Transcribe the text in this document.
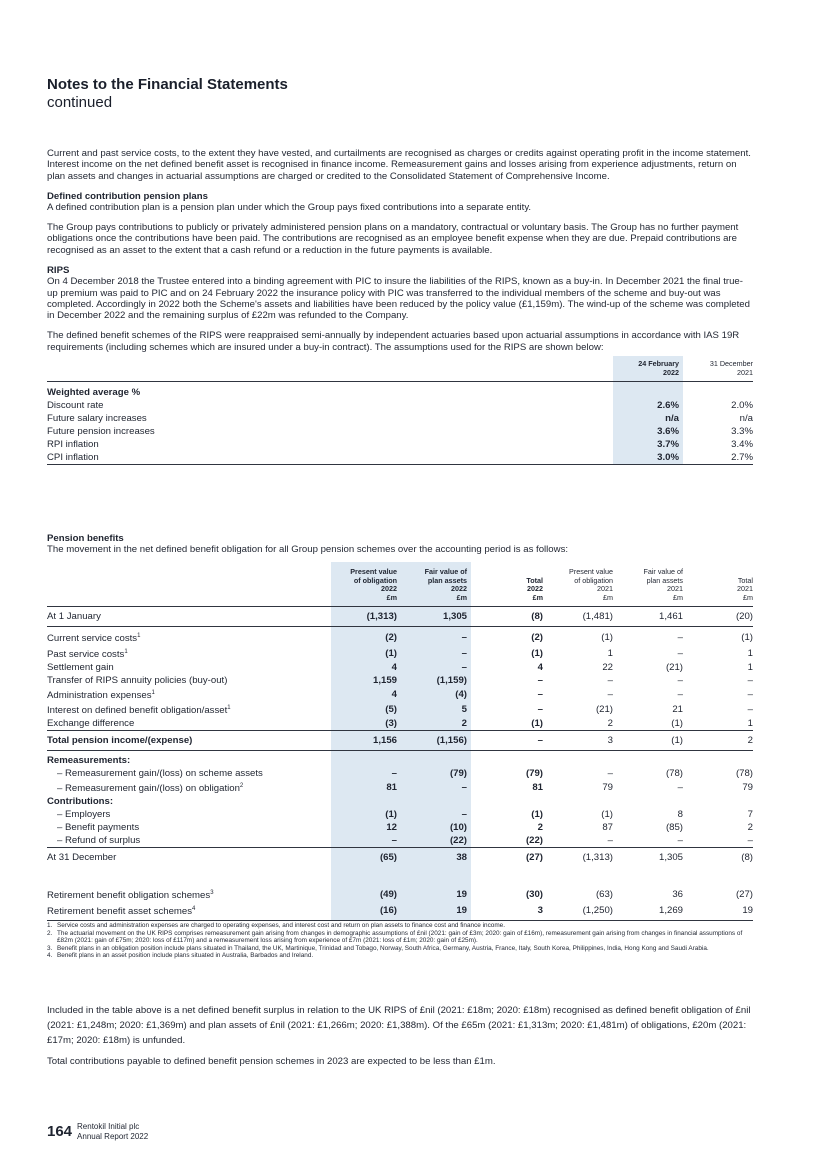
Notes to the Financial Statements
continued

Current and past service costs, to the extent they have vested, and curtailments are recognised as charges or credits against operating profit in the income statement. Interest income on the net defined benefit asset is recognised in finance income. Remeasurement gains and losses arising from experience adjustments, return on plan assets and changes in actuarial assumptions are charged or credited to the Consolidated Statement of Comprehensive Income.

Defined contribution pension plans

A defined contribution plan is a pension plan under which the Group pays fixed contributions into a separate entity.

The Group pays contributions to publicly or privately administered pension plans on a mandatory, contractual or voluntary basis. The Group has no further payment obligations once the contributions have been paid. The contributions are recognised as an employee benefit expense when they are due. Prepaid contributions are recognised as an asset to the extent that a cash refund or a reduction in the future payments is available.

RIPS

On 4 December 2018 the Trustee entered into a binding agreement with PIC to insure the liabilities of the RIPS, known as a buy-in. In December 2021 the final true-up premium was paid to PIC and on 24 February 2022 the insurance policy with PIC was transferred to the individual members of the scheme and buy-out was completed. Accordingly in 2022 both the Scheme's assets and liabilities have been reduced by the policy value (£1,159m). The wind-up of the scheme was completed in December 2022 and the remaining surplus of £22m was refunded to the Company.

The defined benefit schemes of the RIPS were reappraised semi-annually by independent actuaries based upon actuarial assumptions in accordance with IAS 19R requirements (including schemes which are insured under a buy-in contract). The assumptions used for the RIPS are shown below:

	24 February
2022	31 December
2021
Weighted average %		
Discount rate	2.6%	2.0%
Future salary increases	n/a	n/a
Future pension increases	3.6%	3.3%
RPI inflation	3.7%	3.4%
CPI inflation	3.0%	2.7%
Pension benefits
The movement in the net defined benefit obligation for all Group pension schemes over the accounting period is as follows:
	Present value
of obligation
2022
£m	Fair value of
plan assets
2022
£m	Total
2022
£m	Present value
of obligation
2021
£m	Fair value of
plan assets
2021
£m	Total
2021
£m
At 1 January	(1,313)	1,305	(8)	(1,481)	1,461	(20)
Current service costs$^1$	(2)	–	(2)	(1)	–	(1)
Past service costs$^1$	(1)	–	(1)	1	–	1
Settlement gain	4	–	4	22	(21)	1
Transfer of RIPS annuity policies (buy-out)	1,159	(1,159)	–	–	–	–
Administration expenses$^1$	4	(4)	–	–	–	–
Interest on defined benefit obligation/asset$^1$	(5)	5	–	(21)	21	–
Exchange difference	(3)	2	(1)	2	(1)	1
Total pension income/(expense)	1,156	(1,156)	–	3	(1)	2
Remeasurements:						
– Remeasurement gain/(loss) on scheme assets	–	(79)	(79)	–	(78)	(78)
– Remeasurement gain/(loss) on obligation$^2$	81	–	81	79	–	79
Contributions:						
– Employers	(1)	–	(1)	(1)	8	7
– Benefit payments	12	(10)	2	87	(85)	2
– Refund of surplus	–	(22)	(22)	–	–	–
At 31 December	(65)	38	(27)	(1,313)	1,305	(8)
Retirement benefit obligation schemes$^3$	(49)	19	(30)	(63)	36	(27)
Retirement benefit asset schemes$^4$	(16)	19	3	(1,250)	1,269	19
1. Service costs and administration expenses are charged to operating expenses, and interest cost and return on plan assets to finance cost and finance income.
2. The actuarial movement on the UK RIPS comprises remeasurement gain arising from changes in demographic assumptions of £nil (2021: gain of £3m; 2020: gain of £16m), remeasurement gain arising from changes in financial assumptions of £82m (2021: gain of £75m; 2020: loss of £117m) and a remeasurement loss arising from experience of £7m (2021: loss of £1m; 2020: gain of £25m).
3. Benefit plans in an obligation position include plans situated in Thailand, the UK, Martinique, Trinidad and Tobago, Norway, South Africa, Germany, Austria, France, Italy, South Korea, Philippines, India, Hong Kong and Saudi Arabia.
4. Benefit plans in an asset position include plans situated in Australia, Barbados and Ireland.

Included in the table above is a net defined benefit surplus in relation to the UK RIPS of £nil (2021: £18m; 2020: £18m) recognised as defined benefit obligation of £nil (2021: £1,248m; 2020: £1,369m) and plan assets of £nil (2021: £1,266m; 2020: £1,388m). Of the £65m (2021: £1,313m; 2020: £1,481m) of obligations, £20m (2021: £17m; 2020: £18m) is unfunded.

Total contributions payable to defined benefit pension schemes in 2023 are expected to be less than £1m.

164 Rentokil Initial plc
Annual Report 2022
